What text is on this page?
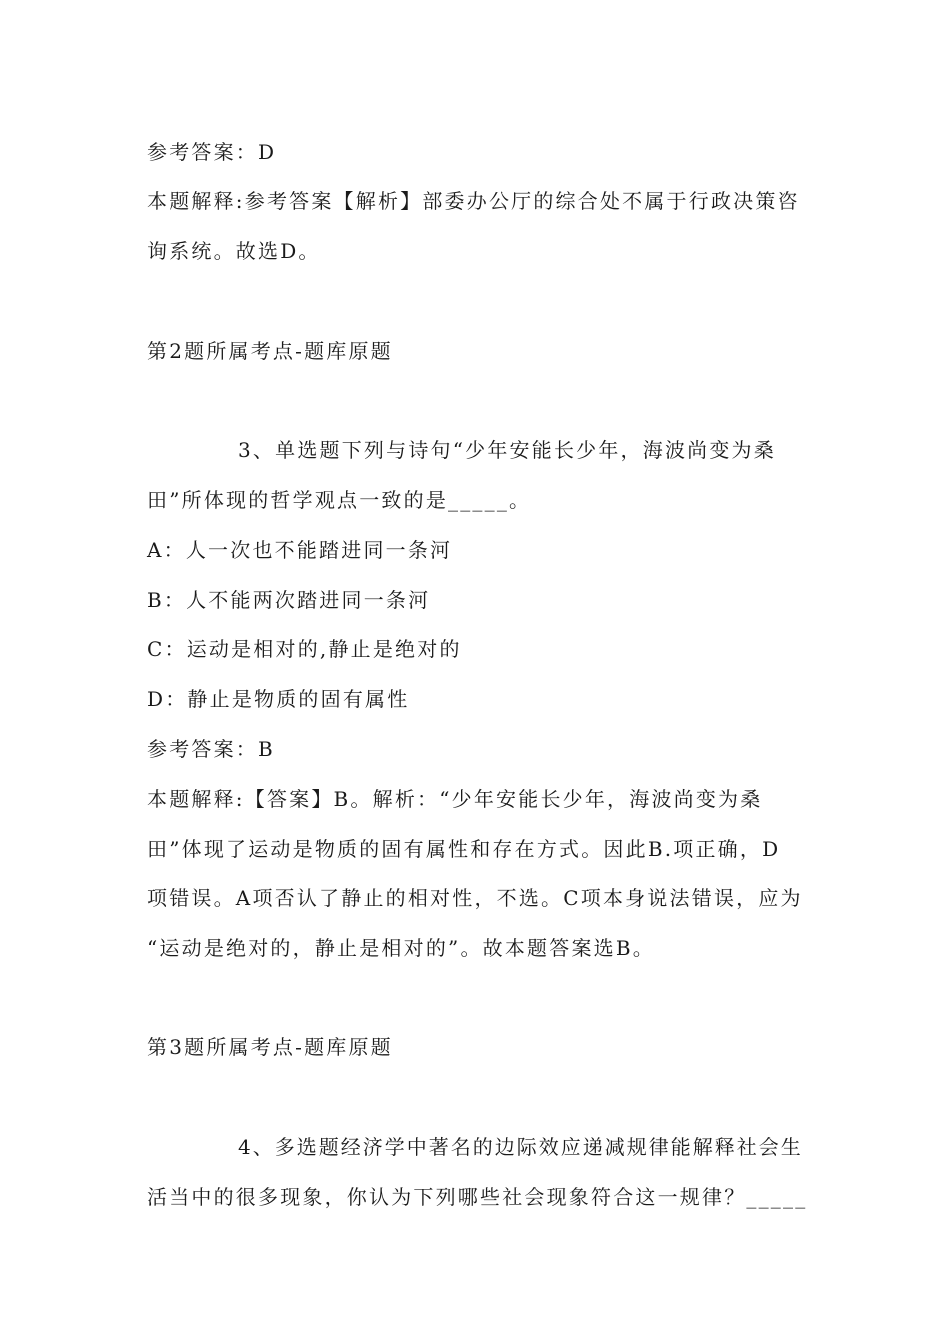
参考答案：D
本题解释:参考答案【解析】部委办公厅的综合处不属于行政决策咨
询系统。故选D。
第2题所属考点-题库原题
3、单选题下列与诗句“少年安能长少年，海波尚变为桑
田”所体现的哲学观点一致的是_____。
A：人一次也不能踏进同一条河
B：人不能两次踏进同一条河
C：运动是相对的,静止是绝对的
D：静止是物质的固有属性
参考答案：B
本题解释:【答案】B。解析：“少年安能长少年，海波尚变为桑
田”体现了运动是物质的固有属性和存在方式。因此B.项正确，D
项错误。A项否认了静止的相对性，不选。C项本身说法错误，应为
“运动是绝对的，静止是相对的”。故本题答案选B。
第3题所属考点-题库原题
4、多选题经济学中著名的边际效应递减规律能解释社会生
活当中的很多现象，你认为下列哪些社会现象符合这一规律？_____
